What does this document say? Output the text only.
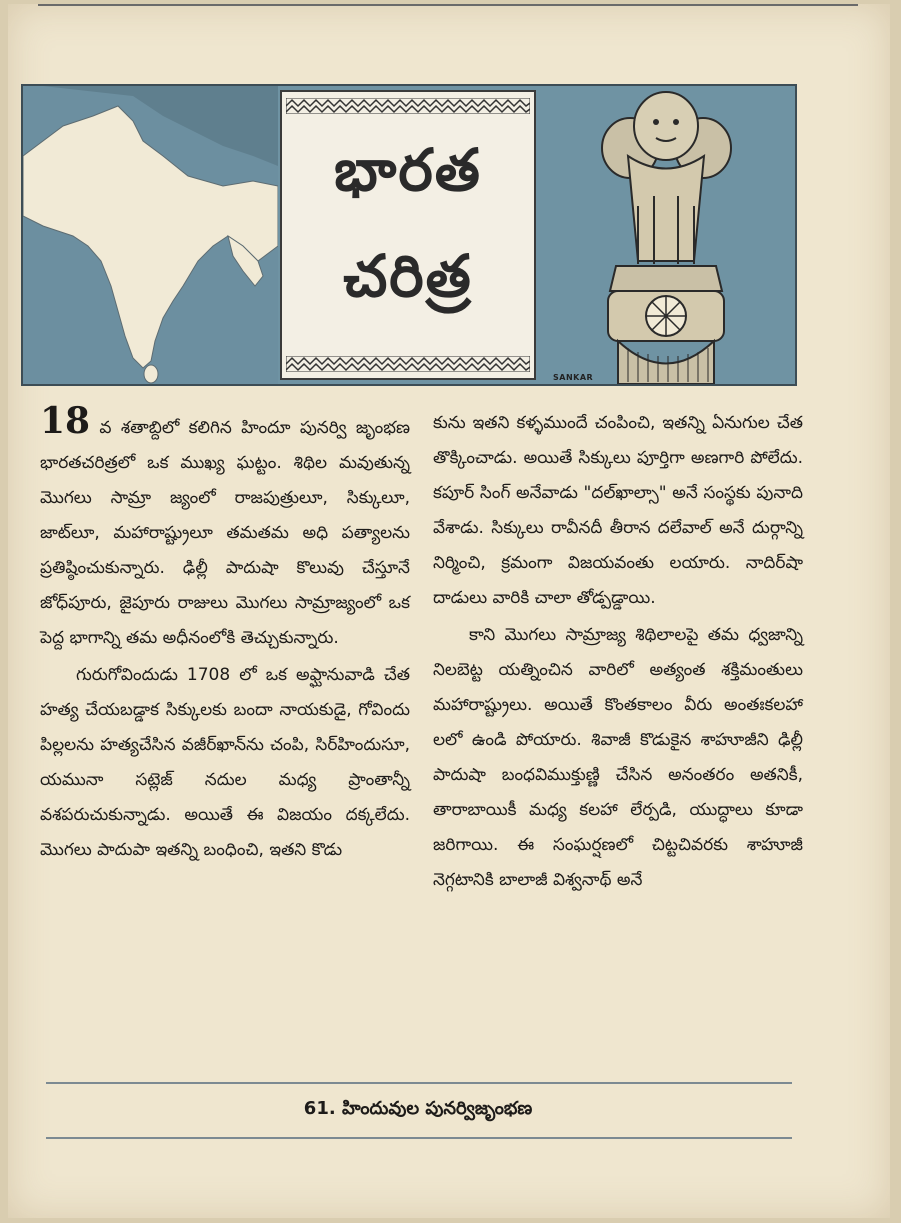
భారత
చరిత్ర
SANKAR

18 వ శతాబ్దిలో కలిగిన హిందూ పునర్వి జృంభణ భారతచరిత్రలో ఒక ముఖ్య ఘట్టం. శిథిల మవుతున్న మొగలు సామ్రా జ్యంలో రాజపుత్రులూ, సిక్కులూ, జాట్‌లూ, మహారాష్ట్రులూ తమతమ అధి పత్యాలను ప్రతిష్ఠించుకున్నారు. ఢిల్లీ పాదుషా కొలువు చేస్తూనే జోధ్‌పూరు, జైపూరు రాజులు మొగలు సామ్రాజ్యంలో ఒక పెద్ద భాగాన్ని తమ అధీనంలోకి తెచ్చుకున్నారు.

గురుగోవిందుడు 1708 లో ఒక అఫ్ఘానువాడి చేత హత్య చేయబడ్డాక సిక్కులకు బందా నాయకుడై, గోవిందు పిల్లలను హత్యచేసిన వజీర్‌ఖాన్‌ను చంపి, సిర్‌హిందుసూ, యమునా సట్లెజ్ నదుల మధ్య ప్రాంతాన్నీ వశపరుచుకున్నాడు. అయితే ఈ విజయం దక్కలేదు. మొగలు పాదుపా ఇతన్ని బంధించి, ఇతని కొడు

కును ఇతని కళ్ళముందే చంపించి, ఇతన్ని ఏనుగుల చేత తొక్కించాడు. అయితే సిక్కులు పూర్తిగా అణగారి పోలేదు. కపూర్ సింగ్ అనేవాడు "దల్‌ఖాల్సా" అనే సంస్థకు పునాది వేశాడు. సిక్కులు రావీనదీ తీరాన దలేవాల్ అనే దుర్గాన్ని నిర్మించి, క్రమంగా విజయవంతు లయారు. నాదిర్‌షా దాడులు వారికి చాలా తోడ్పడ్డాయి.

కాని మొగలు సామ్రాజ్య శిథిలాలపై తమ ధ్వజాన్ని నిలబెట్ట యత్నించిన వారిలో అత్యంత శక్తిమంతులు మహారాష్ట్రులు. అయితే కొంతకాలం వీరు అంతఃకలహా లలో ఉండి పోయారు. శివాజీ కొడుకైన శాహూజీని ఢిల్లీ పాదుషా బంధవిముక్తుణ్ణి చేసిన అనంతరం అతనికీ, తారాబాయికీ మధ్య కలహా లేర్పడి, యుద్ధాలు కూడా జరిగాయి. ఈ సంఘర్షణలో చిట్టచివరకు శాహూజీ నెగ్గటానికి బాలాజీ విశ్వనాథ్ అనే

61. హిందువుల పునర్విజృంభణ
